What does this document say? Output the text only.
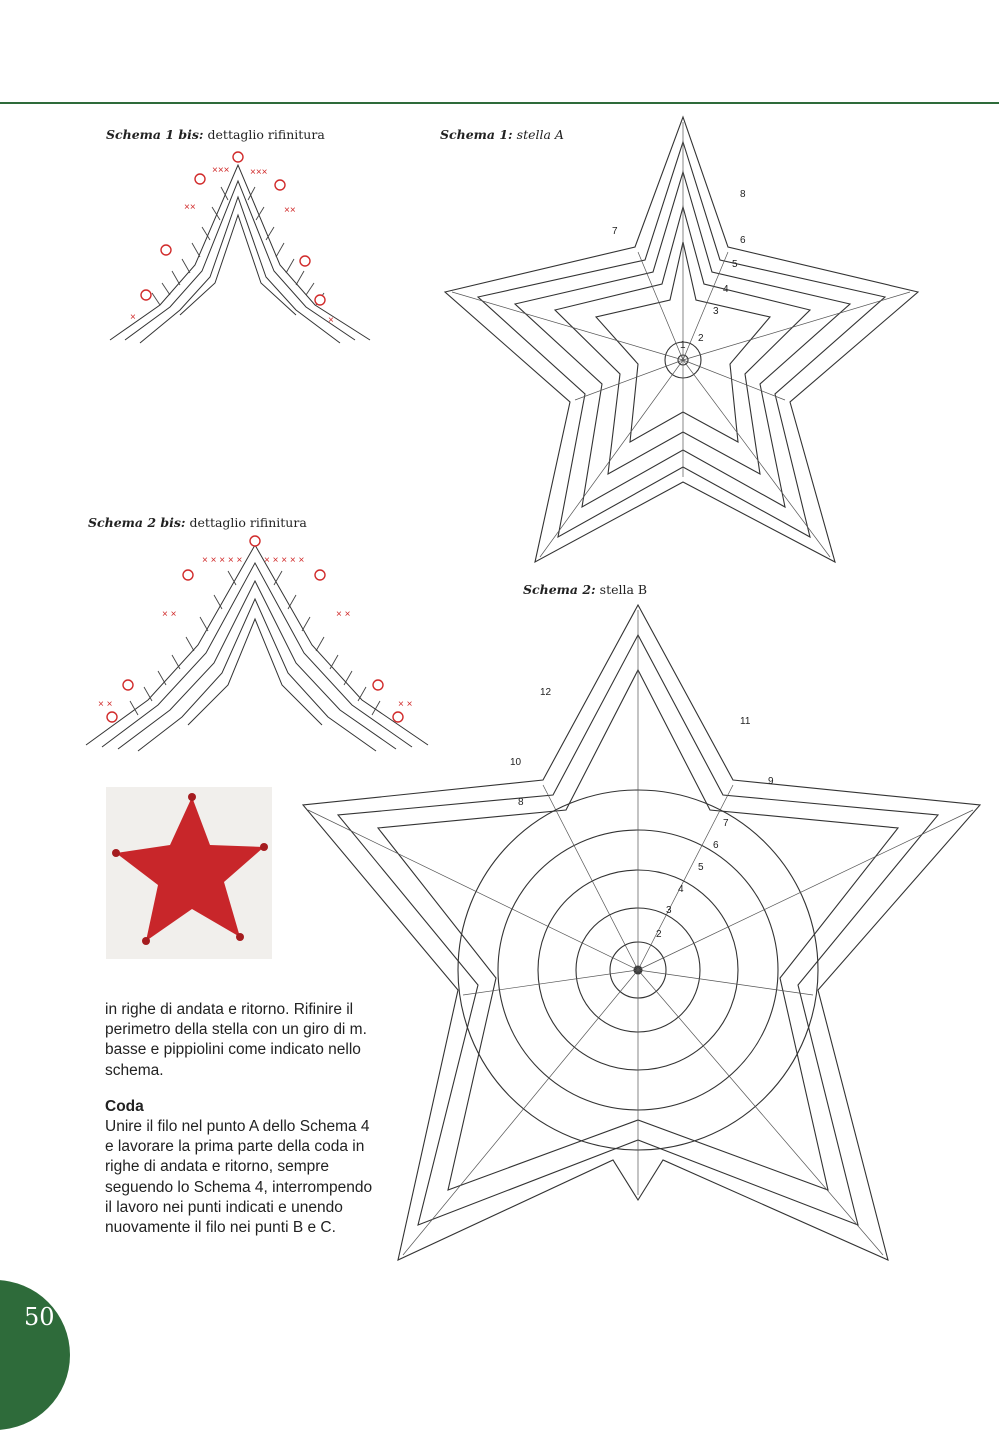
Schema 1 bis: dettaglio rifinitura	Schema 1: stella A
Schema 2 bis: dettaglio rifinitura
Schema 2: stella B
××× ×××
××	××
×	×
× × × × × × × × × ×
× ×	× ×
× ×	× ×
1
2
3
4
5
6
7
8
2
3
4
5
6
7
8
9
10
11
12

in righe di andata e ritorno. Rifinire il perimetro della stella con un giro di m. basse e pippiolini come indicato nello schema.

Coda

Unire il filo nel punto A dello Schema 4 e lavorare la prima parte della coda in righe di andata e ritorno, sempre seguendo lo Schema 4, interrompendo il lavoro nei punti indicati e unendo nuovamente il filo nei punti B e C.

50
